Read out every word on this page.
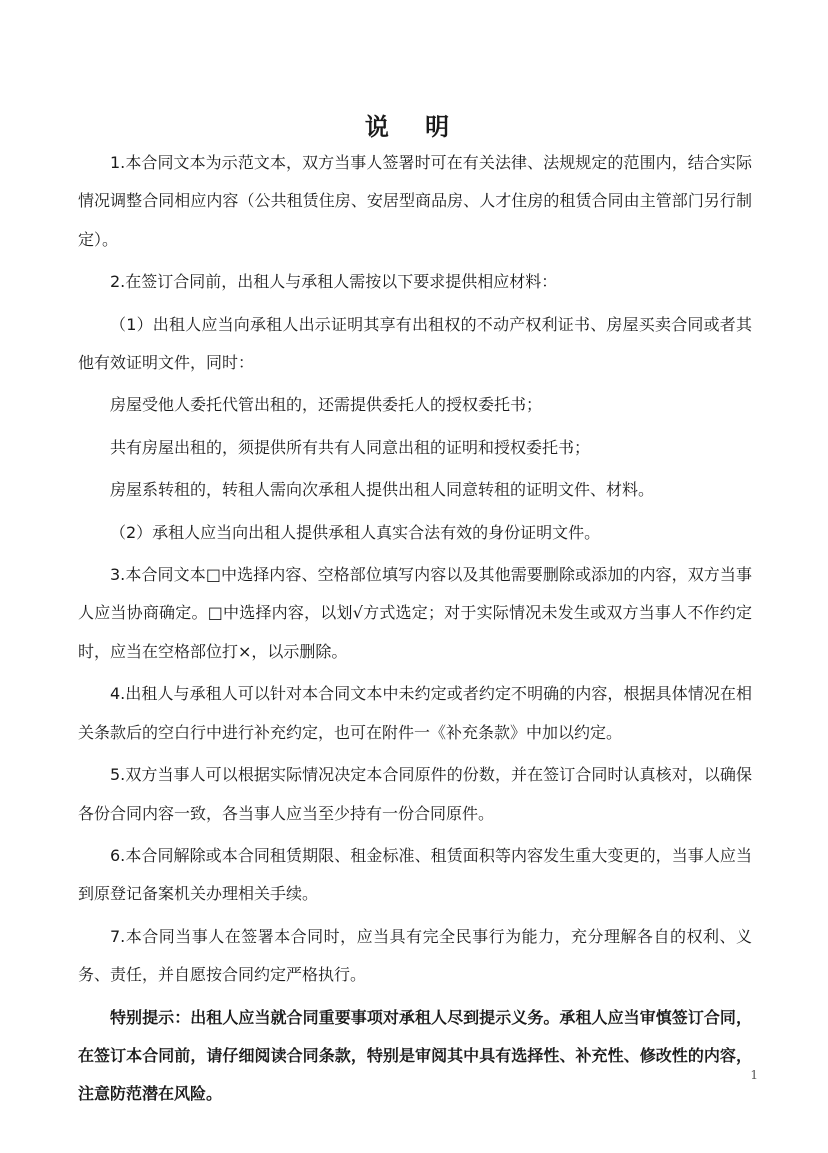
说 明

1.本合同文本为示范文本，双方当事人签署时可在有关法律、法规规定的范围内，结合实际情况调整合同相应内容（公共租赁住房、安居型商品房、人才住房的租赁合同由主管部门另行制定）。

2.在签订合同前，出租人与承租人需按以下要求提供相应材料：

（1）出租人应当向承租人出示证明其享有出租权的不动产权利证书、房屋买卖合同或者其他有效证明文件，同时：

房屋受他人委托代管出租的，还需提供委托人的授权委托书；

共有房屋出租的，须提供所有共有人同意出租的证明和授权委托书；

房屋系转租的，转租人需向次承租人提供出租人同意转租的证明文件、材料。

（2）承租人应当向出租人提供承租人真实合法有效的身份证明文件。

3.本合同文本□中选择内容、空格部位填写内容以及其他需要删除或添加的内容，双方当事人应当协商确定。□中选择内容，以划√方式选定；对于实际情况未发生或双方当事人不作约定时，应当在空格部位打×，以示删除。

4.出租人与承租人可以针对本合同文本中未约定或者约定不明确的内容，根据具体情况在相关条款后的空白行中进行补充约定，也可在附件一《补充条款》中加以约定。

5.双方当事人可以根据实际情况决定本合同原件的份数，并在签订合同时认真核对，以确保各份合同内容一致，各当事人应当至少持有一份合同原件。

6.本合同解除或本合同租赁期限、租金标准、租赁面积等内容发生重大变更的，当事人应当到原登记备案机关办理相关手续。

7.本合同当事人在签署本合同时，应当具有完全民事行为能力，充分理解各自的权利、义务、责任，并自愿按合同约定严格执行。

特别提示：出租人应当就合同重要事项对承租人尽到提示义务。承租人应当审慎签订合同，在签订本合同前，请仔细阅读合同条款，特别是审阅其中具有选择性、补充性、修改性的内容，注意防范潜在风险。

1
